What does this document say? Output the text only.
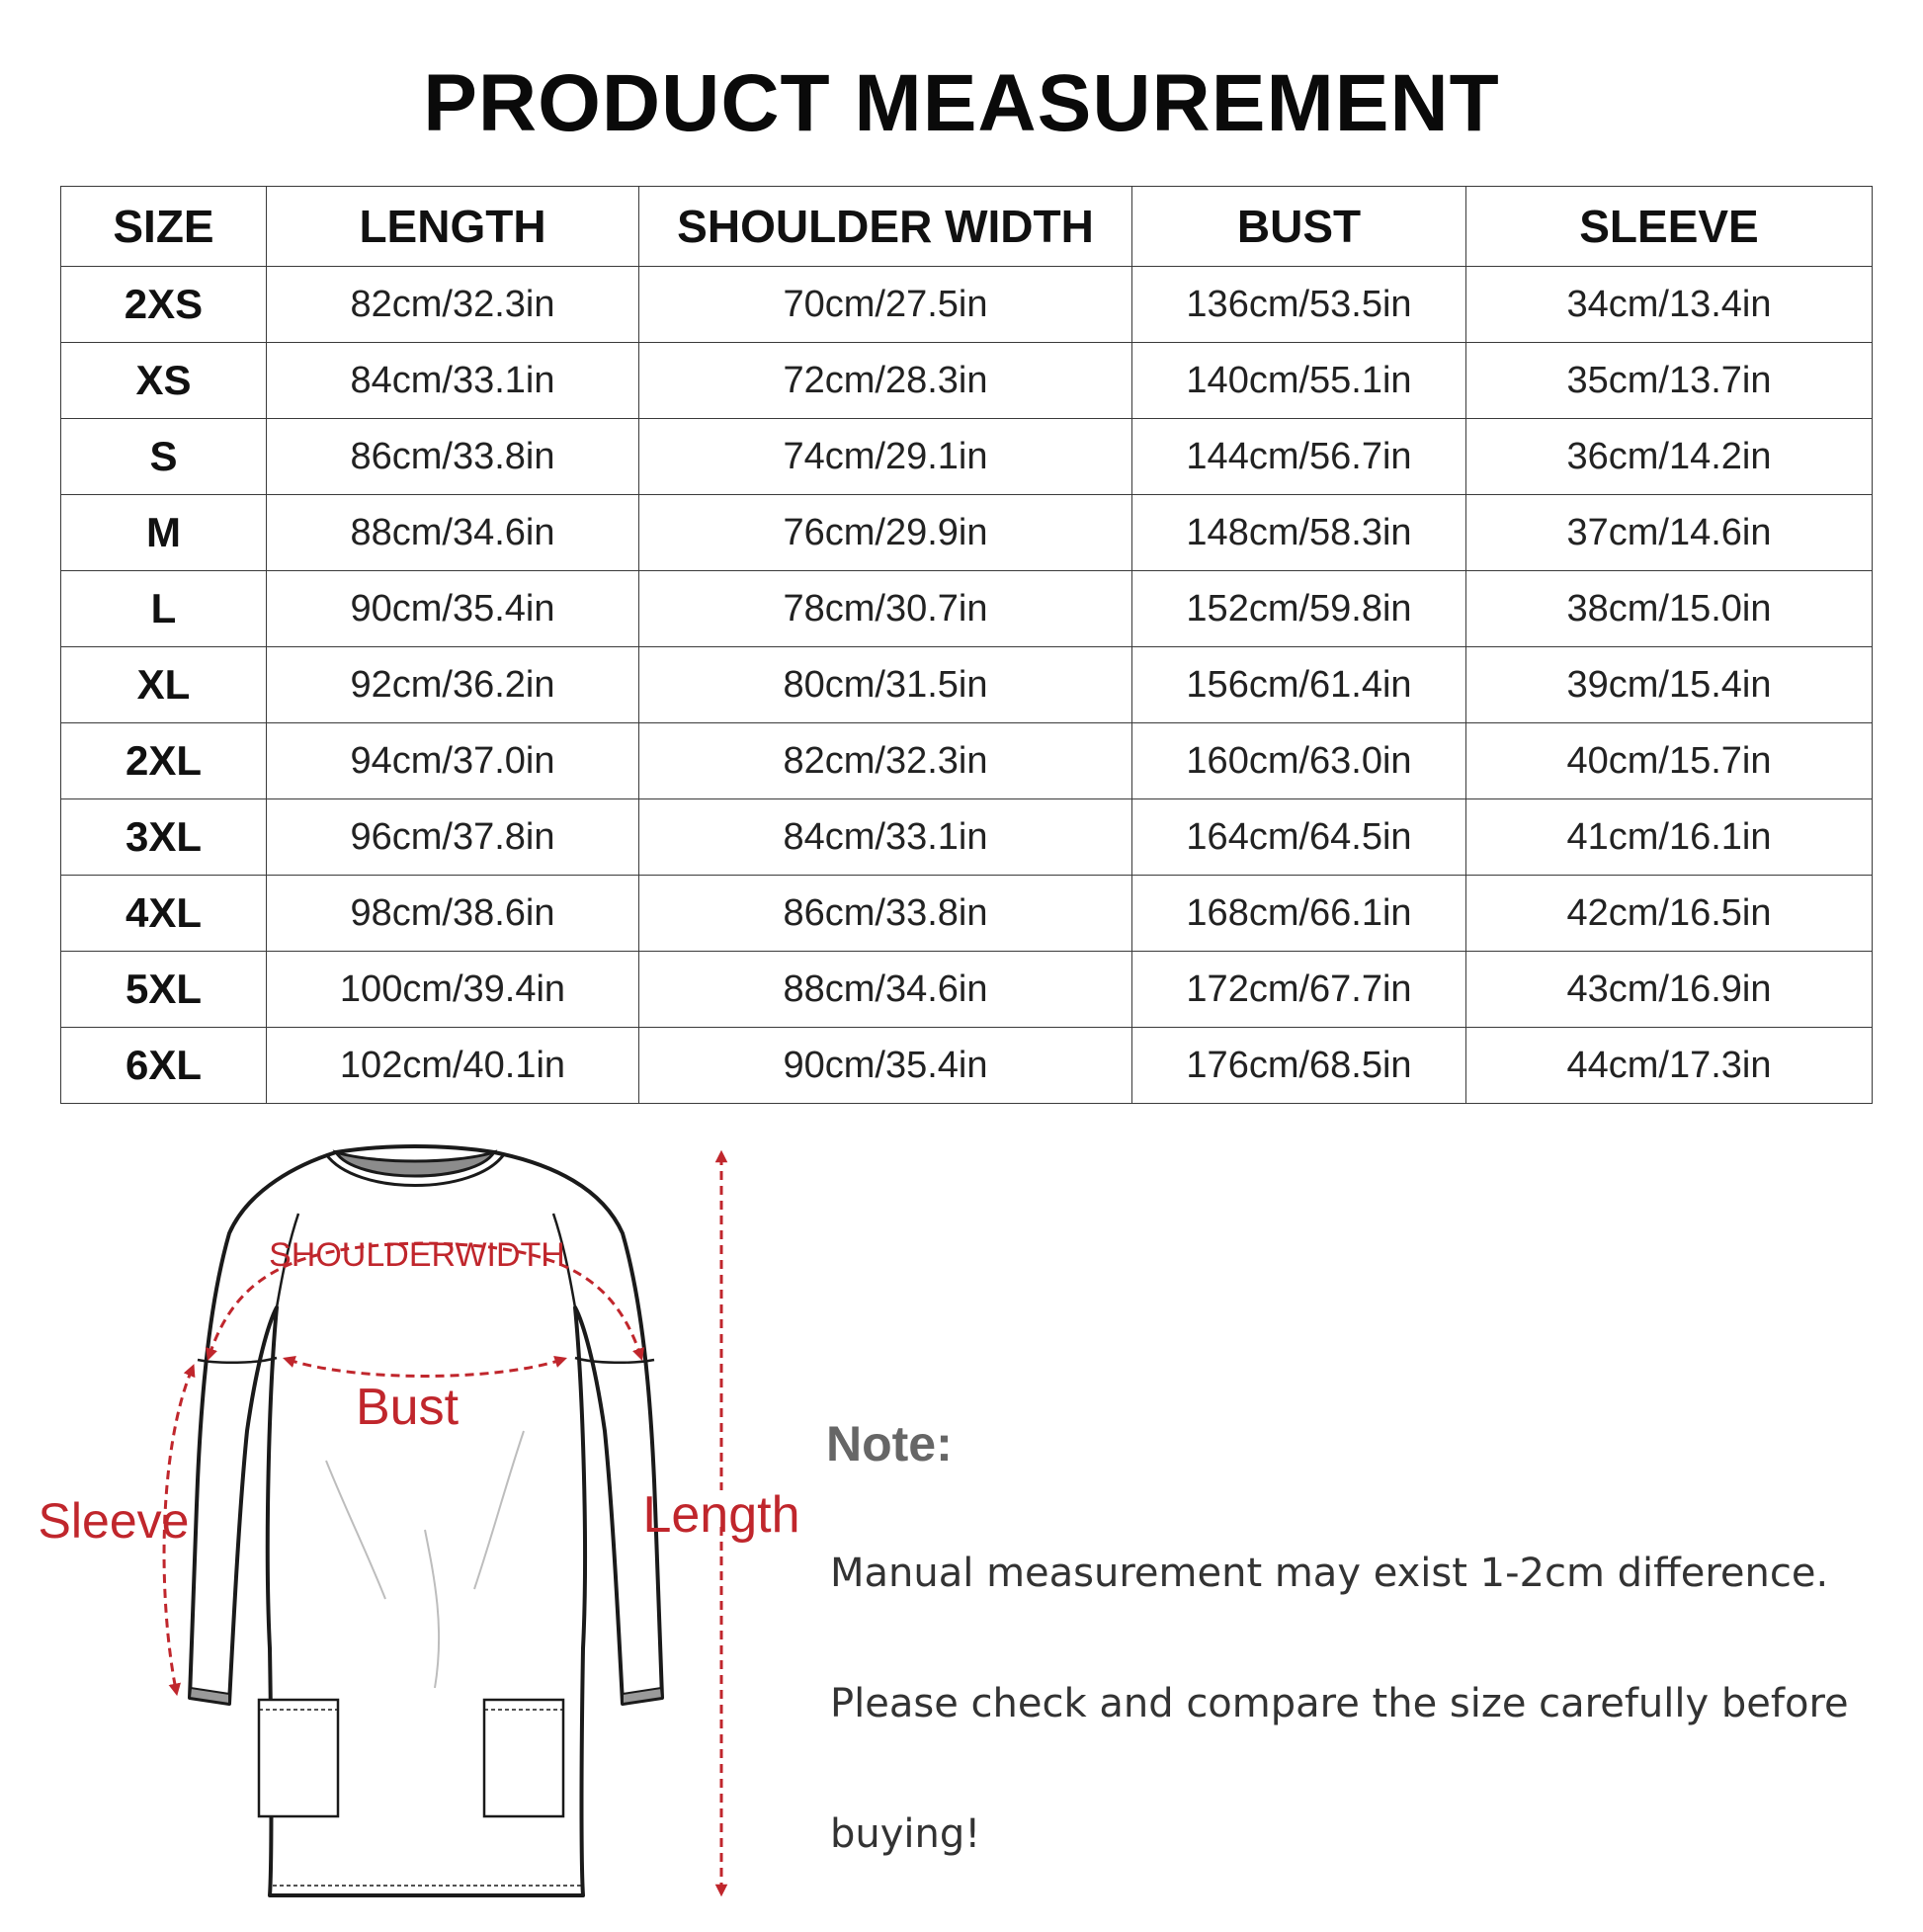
PRODUCT MEASUREMENT
SIZE	LENGTH	SHOULDER WIDTH	BUST	SLEEVE
2XS	82cm/32.3in	70cm/27.5in	136cm/53.5in	34cm/13.4in
XS	84cm/33.1in	72cm/28.3in	140cm/55.1in	35cm/13.7in
S	86cm/33.8in	74cm/29.1in	144cm/56.7in	36cm/14.2in
M	88cm/34.6in	76cm/29.9in	148cm/58.3in	37cm/14.6in
L	90cm/35.4in	78cm/30.7in	152cm/59.8in	38cm/15.0in
XL	92cm/36.2in	80cm/31.5in	156cm/61.4in	39cm/15.4in
2XL	94cm/37.0in	82cm/32.3in	160cm/63.0in	40cm/15.7in
3XL	96cm/37.8in	84cm/33.1in	164cm/64.5in	41cm/16.1in
4XL	98cm/38.6in	86cm/33.8in	168cm/66.1in	42cm/16.5in
5XL	100cm/39.4in	88cm/34.6in	172cm/67.7in	43cm/16.9in
6XL	102cm/40.1in	90cm/35.4in	176cm/68.5in	44cm/17.3in
SHOULDERWIDTH
Bust
Sleeve	Length
Note:

Manual measurement may exist 1-2cm difference.

Please check and compare the size carefully before

buying!
